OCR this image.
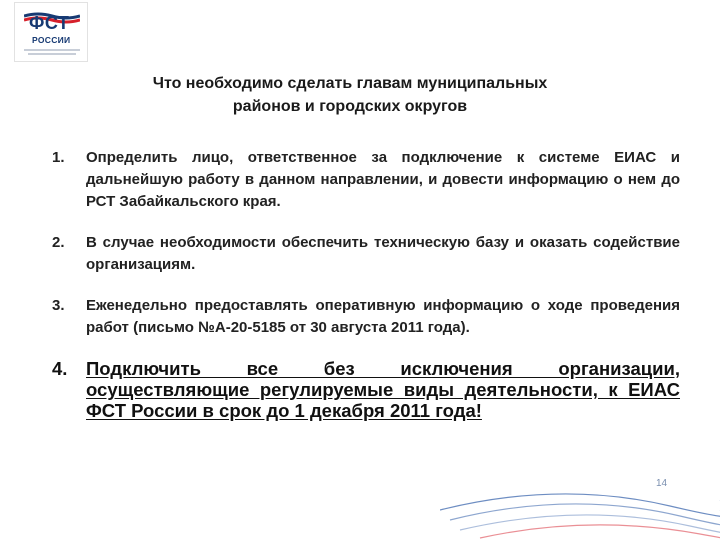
ФСТ
РОССИИ
Что необходимо сделать главам муниципальных
районов и городских округов
1. Определить лицо, ответственное за подключение к системе ЕИАС и дальнейшую работу в данном направлении, и довести информацию о нем до РСТ Забайкальского края.
2. В случае необходимости обеспечить техническую базу и оказать содействие организациям.
3. Еженедельно предоставлять оперативную информацию о ходе проведения работ (письмо №А-20-5185 от 30 августа 2011 года).
4. Подключить все без исключения организации, осуществляющие регулируемые виды деятельности, к ЕИАС ФСТ России в срок до 1 декабря 2011 года!
14
